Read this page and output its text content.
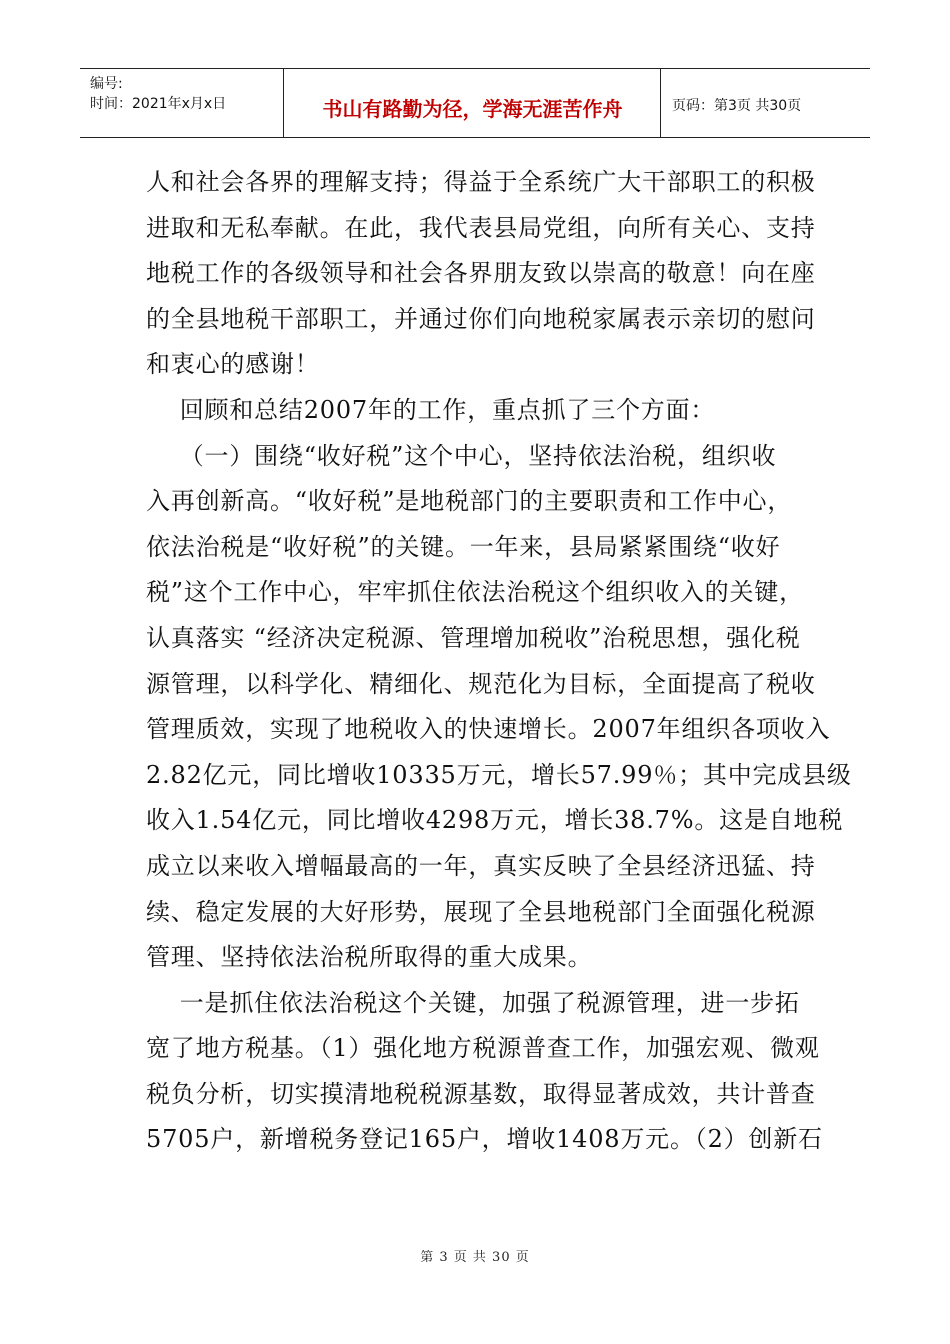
编号:
时间：2021年x月x日	书山有路勤为径，学海无涯苦作舟	页码：第3页 共30页
人和社会各界的理解支持；得益于全系统广大干部职工的积极
进取和无私奉献。在此，我代表县局党组，向所有关心、支持
地税工作的各级领导和社会各界朋友致以崇高的敬意！向在座
的全县地税干部职工，并通过你们向地税家属表示亲切的慰问
和衷心的感谢！
回顾和总结2007年的工作，重点抓了三个方面：
（一）围绕“收好税”这个中心，坚持依法治税，组织收
入再创新高。“收好税”是地税部门的主要职责和工作中心，
依法治税是“收好税”的关键。一年来，县局紧紧围绕“收好
税”这个工作中心，牢牢抓住依法治税这个组织收入的关键，
认真落实 “经济决定税源、管理增加税收”治税思想，强化税
源管理，以科学化、精细化、规范化为目标，全面提高了税收
管理质效，实现了地税收入的快速增长。2007年组织各项收入
2.82亿元，同比增收10335万元，增长57.99％；其中完成县级
收入1.54亿元，同比增收4298万元，增长38.7%。这是自地税
成立以来收入增幅最高的一年，真实反映了全县经济迅猛、持
续、稳定发展的大好形势，展现了全县地税部门全面强化税源
管理、坚持依法治税所取得的重大成果。
一是抓住依法治税这个关键，加强了税源管理，进一步拓
宽了地方税基。（1）强化地方税源普查工作，加强宏观、微观
税负分析，切实摸清地税税源基数，取得显著成效，共计普查
5705户，新增税务登记165户，增收1408万元。（2）创新石
第 3 页 共 30 页
